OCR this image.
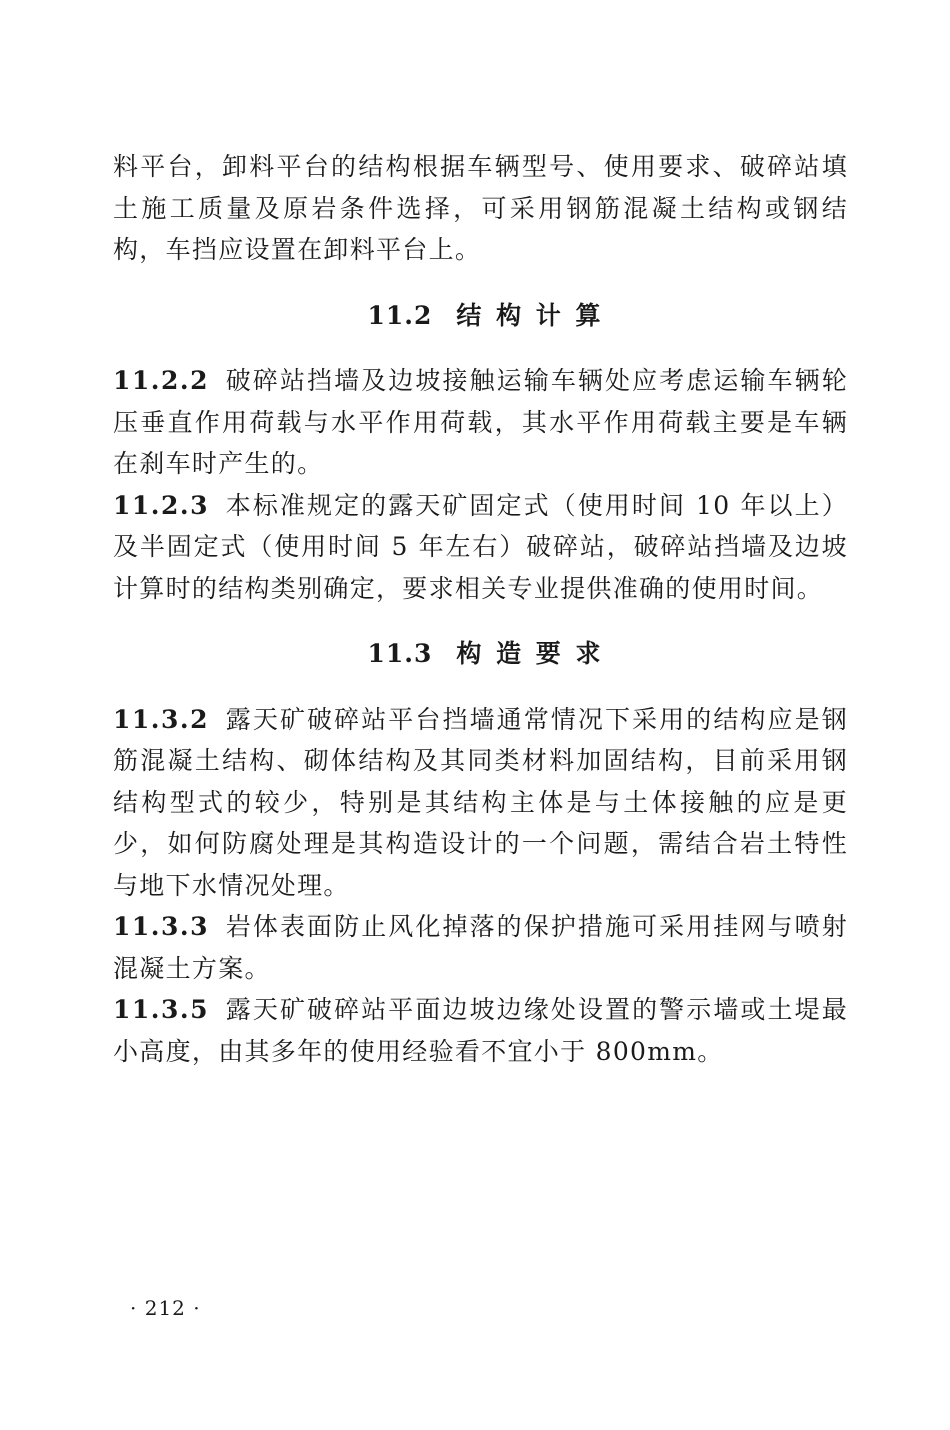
料平台，卸料平台的结构根据车辆型号、使用要求、破碎站填土施工质量及原岩条件选择，可采用钢筋混凝土结构或钢结构，车挡应设置在卸料平台上。

11.2 结 构 计 算

11.2.2 破碎站挡墙及边坡接触运输车辆处应考虑运输车辆轮压垂直作用荷载与水平作用荷载，其水平作用荷载主要是车辆在刹车时产生的。

11.2.3 本标准规定的露天矿固定式（使用时间 10 年以上）及半固定式（使用时间 5 年左右）破碎站，破碎站挡墙及边坡计算时的结构类别确定，要求相关专业提供准确的使用时间。

11.3 构 造 要 求

11.3.2 露天矿破碎站平台挡墙通常情况下采用的结构应是钢筋混凝土结构、砌体结构及其同类材料加固结构，目前采用钢结构型式的较少，特别是其结构主体是与土体接触的应是更少，如何防腐处理是其构造设计的一个问题，需结合岩土特性与地下水情况处理。

11.3.3 岩体表面防止风化掉落的保护措施可采用挂网与喷射混凝土方案。

11.3.5 露天矿破碎站平面边坡边缘处设置的警示墙或土堤最小高度，由其多年的使用经验看不宜小于 800mm。

· 212 ·
